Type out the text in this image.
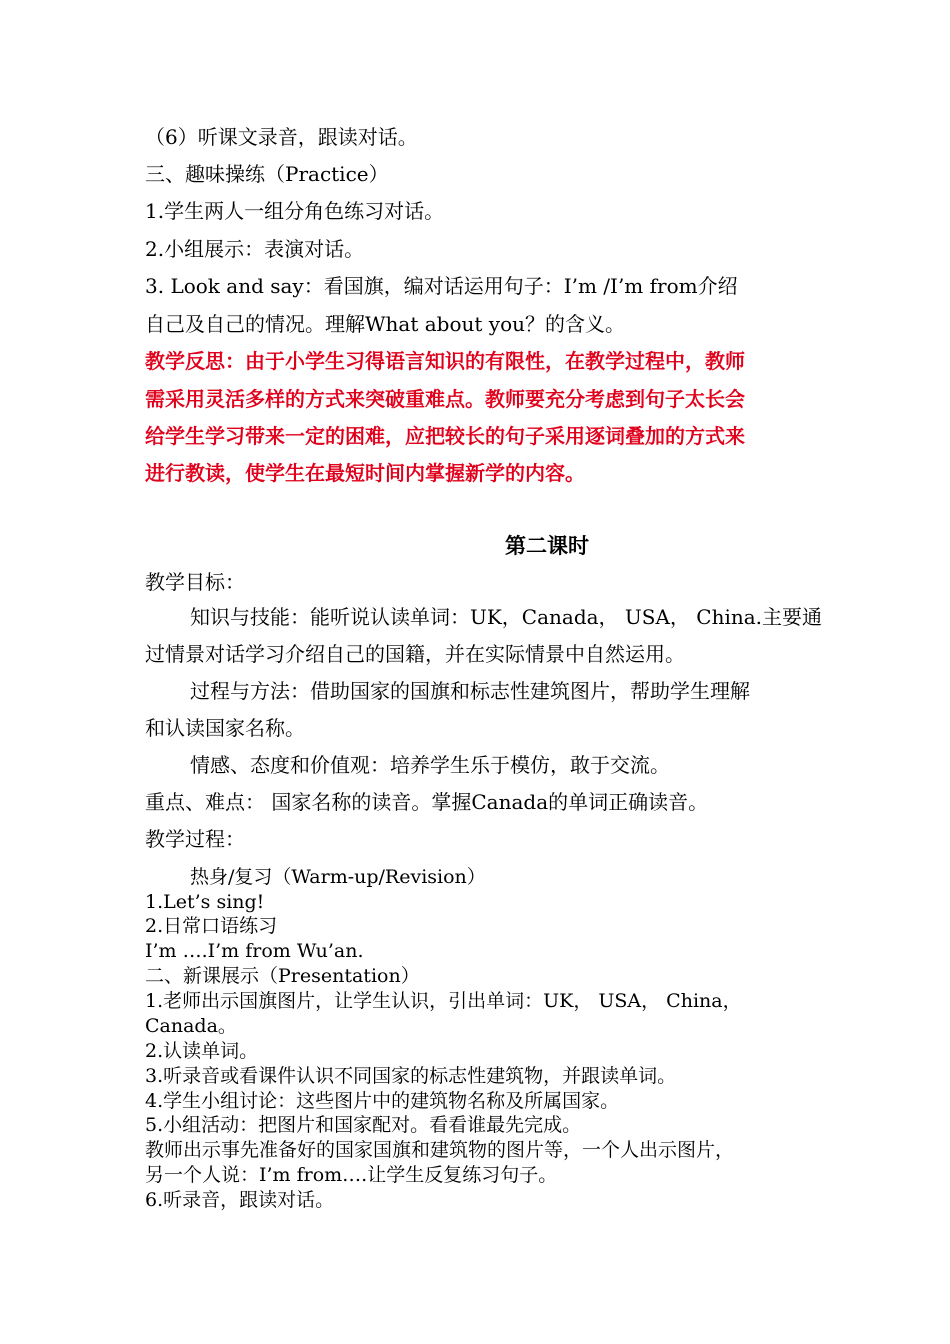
（6）听课文录音，跟读对话。
三、趣味操练（Practice）
1.学生两人一组分角色练习对话。
2.小组展示：表演对话。
3. Look and say：看国旗，编对话运用句子：I’m /I’m from介绍
自己及自己的情况。理解What about you？的含义。
教学反思：由于小学生习得语言知识的有限性，在教学过程中，教师
需采用灵活多样的方式来突破重难点。教师要充分考虑到句子太长会
给学生学习带来一定的困难，应把较长的句子采用逐词叠加的方式来
进行教读，使学生在最短时间内掌握新学的内容。
第二课时
教学目标：
知识与技能：能听说认读单词：UK，Canada， USA， China.主要通
过情景对话学习介绍自己的国籍，并在实际情景中自然运用。
过程与方法：借助国家的国旗和标志性建筑图片，帮助学生理解
和认读国家名称。
情感、态度和价值观：培养学生乐于模仿，敢于交流。
重点、难点： 国家名称的读音。掌握Canada的单词正确读音。
教学过程：
热身/复习（Warm-up/Revision）
1.Let’s sing!
2.日常口语练习
I’m ….I’m from Wu’an.
二、新课展示（Presentation）
1.老师出示国旗图片，让学生认识，引出单词：UK， USA， China，
Canada。
2.认读单词。
3.听录音或看课件认识不同国家的标志性建筑物，并跟读单词。
4.学生小组讨论：这些图片中的建筑物名称及所属国家。
5.小组活动：把图片和国家配对。看看谁最先完成。
教师出示事先准备好的国家国旗和建筑物的图片等，一个人出示图片，
另一个人说：I’m from….让学生反复练习句子。
6.听录音，跟读对话。
